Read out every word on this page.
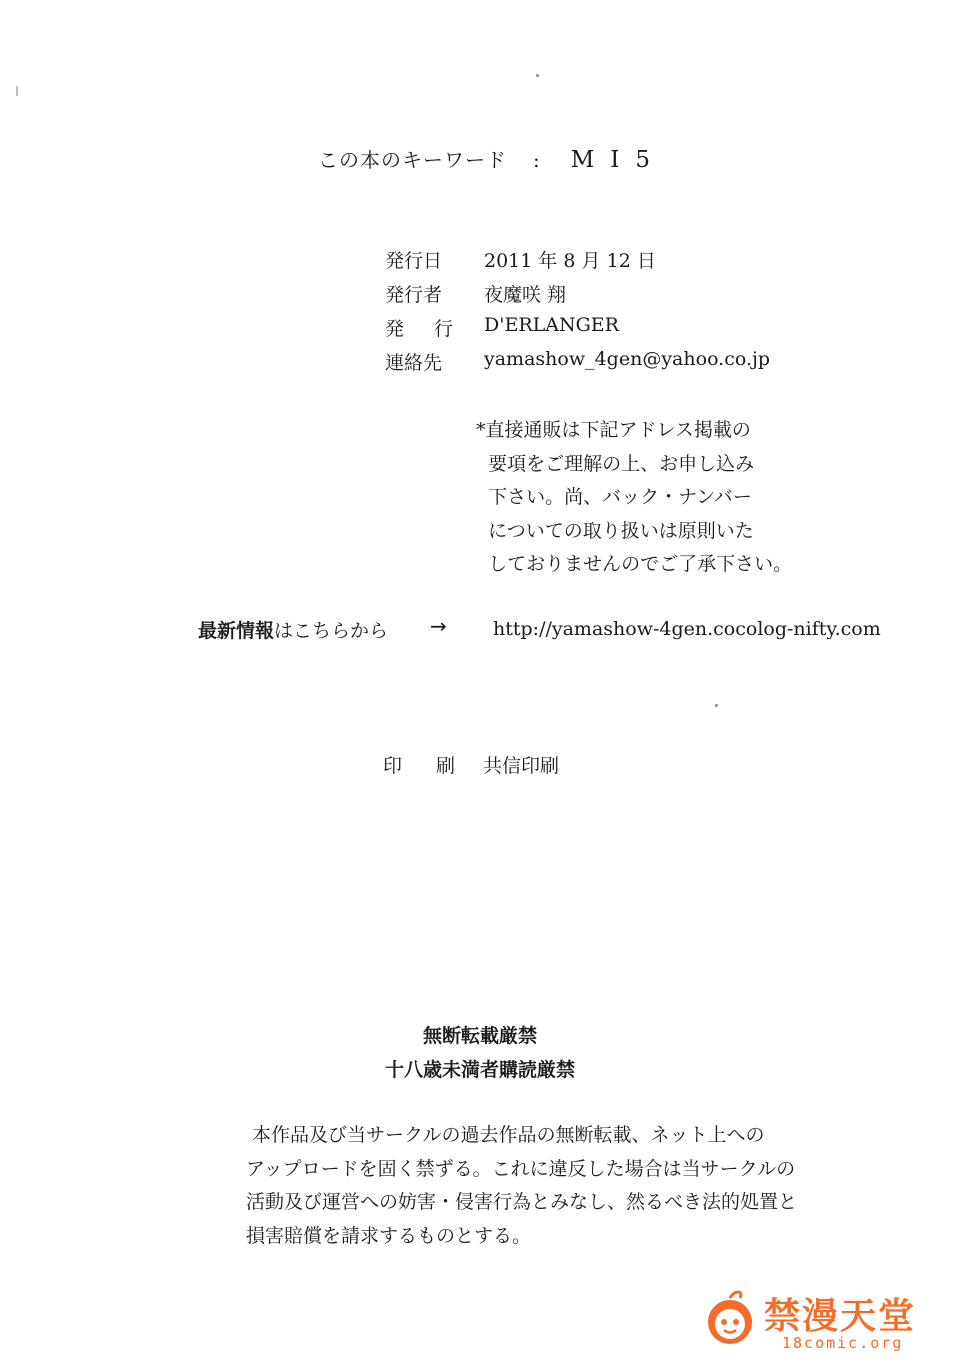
この本のキーワード : MI5
発行日 2011 年 8 月 12 日
発行者 夜魔咲 翔
発 行 D'ERLANGER
連絡先 yamashow_4gen@yahoo.co.jp
*直接通販は下記アドレス掲載の
要項をご理解の上、お申し込み
下さい。尚、バック・ナンバー
についての取り扱いは原則いた
しておりませんのでご了承下さい。
最新情報はこちらから → http://yamashow-4gen.cocolog-nifty.com
印 刷 共信印刷
無断転載厳禁
十八歳未満者購読厳禁
本作品及び当サークルの過去作品の無断転載、ネット上への
アップロードを固く禁ずる。これに違反した場合は当サークルの
活動及び運営への妨害・侵害行為とみなし、然るべき法的処置と
損害賠償を請求するものとする。
禁漫天堂
18comic.org
